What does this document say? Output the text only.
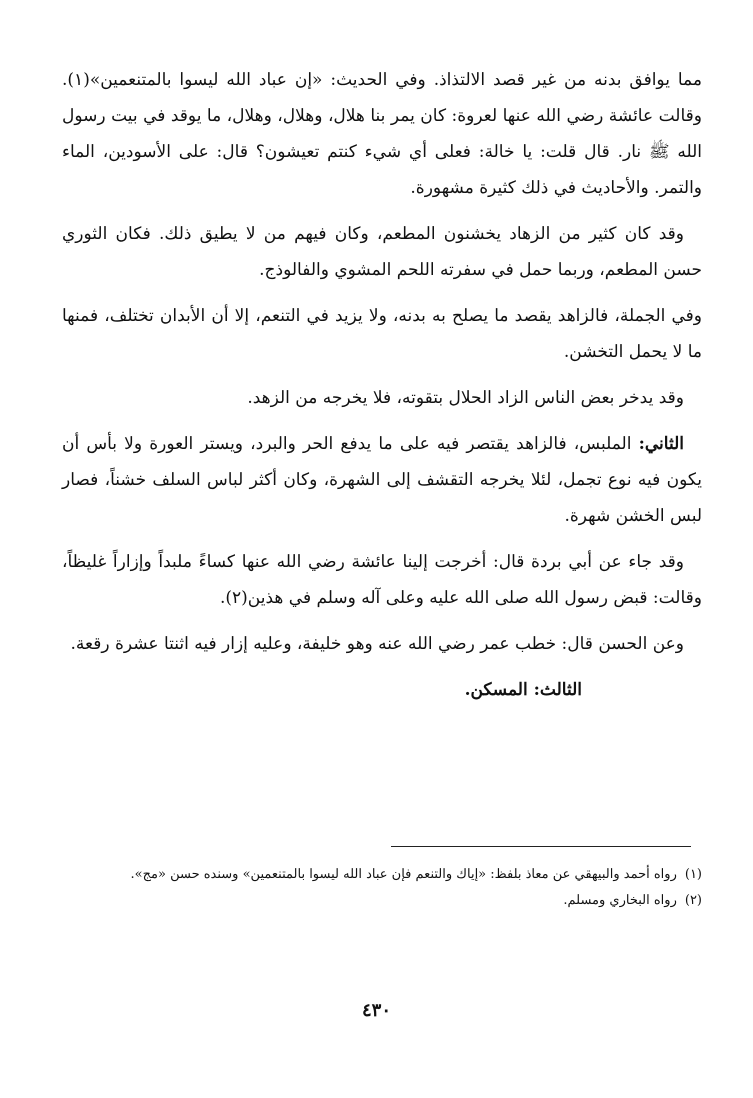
مما يوافق بدنه من غير قصد الالتذاذ. وفي الحديث: «إن عباد الله ليسوا بالمتنعمين»(١). وقالت عائشة رضي الله عنها لعروة: كان يمر بنا هلال، وهلال، وهلال، ما يوقد في بيت رسول الله ﷺ نار. قال قلت: يا خالة: فعلى أي شيء كنتم تعيشون؟ قال: على الأسودين، الماء والتمر. والأحاديث في ذلك كثيرة مشهورة.

وقد كان كثير من الزهاد يخشنون المطعم، وكان فيهم من لا يطيق ذلك. فكان الثوري حسن المطعم، وربما حمل في سفرته اللحم المشوي والفالوذج.

وفي الجملة، فالزاهد يقصد ما يصلح به بدنه، ولا يزيد في التنعم، إلا أن الأبدان تختلف، فمنها ما لا يحمل التخشن.

وقد يدخر بعض الناس الزاد الحلال بتقوته، فلا يخرجه من الزهد.

الثاني: الملبس، فالزاهد يقتصر فيه على ما يدفع الحر والبرد، ويستر العورة ولا بأس أن يكون فيه نوع تجمل، لئلا يخرجه التقشف إلى الشهرة، وكان أكثر لباس السلف خشناً، فصار لبس الخشن شهرة.

وقد جاء عن أبي بردة قال: أخرجت إلينا عائشة رضي الله عنها كساءً ملبداً وإزاراً غليظاً، وقالت: قبض رسول الله صلى الله عليه وعلى آله وسلم في هذين(٢).

وعن الحسن قال: خطب عمر رضي الله عنه وهو خليفة، وعليه إزار فيه اثنتا عشرة رقعة.

الثالث: المسكن.

(١)رواه أحمد والبيهقي عن معاذ بلفظ: «إياك والتنعم فإن عباد الله ليسوا بالمتنعمين» وسنده حسن «مج».

(٢)رواه البخاري ومسلم.

٤٣٠
